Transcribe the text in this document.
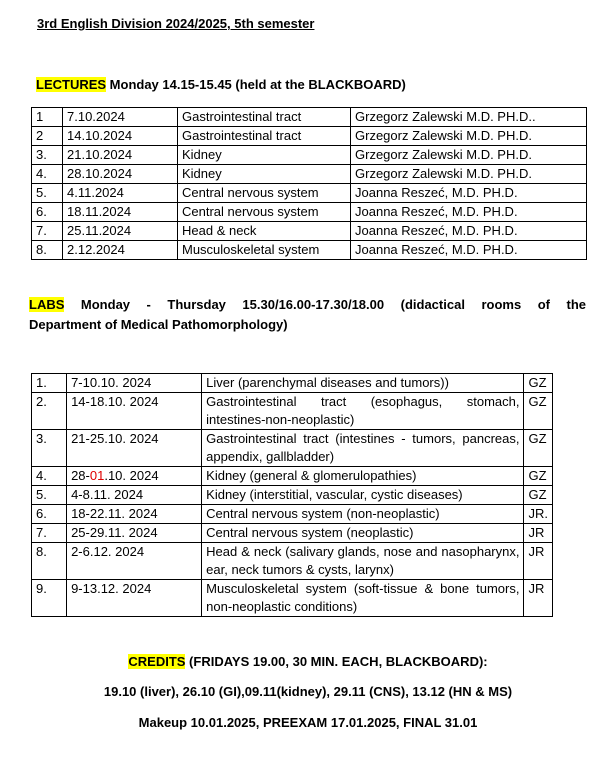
3rd English Division 2024/2025, 5th semester
LECTURES Monday 14.15-15.45 (held at the BLACKBOARD)
1	7.10.2024	Gastrointestinal tract	Grzegorz Zalewski M.D. PH.D..
2	14.10.2024	Gastrointestinal tract	Grzegorz Zalewski M.D. PH.D.
3.	21.10.2024	Kidney	Grzegorz Zalewski M.D. PH.D.
4.	28.10.2024	Kidney	Grzegorz Zalewski M.D. PH.D.
5.	4.11.2024	Central nervous system	Joanna Reszeć, M.D. PH.D.
6.	18.11.2024	Central nervous system	Joanna Reszeć, M.D. PH.D.
7.	25.11.2024	Head & neck	Joanna Reszeć, M.D. PH.D.
8.	2.12.2024	Musculoskeletal system	Joanna Reszeć, M.D. PH.D.
LABS Monday - Thursday 15.30/16.00-17.30/18.00 (didactical rooms of the
Department of Medical Pathomorphology)
1.	7-10.10. 2024	Liver (parenchymal diseases and tumors))	GZ
2.	14-18.10. 2024	Gastrointestinal tract (esophagus, stomach,
intestines-non-neoplastic)	GZ
3.	21-25.10. 2024	Gastrointestinal tract (intestines - tumors, pancreas,
appendix, gallbladder)	GZ
4.	28-01.10. 2024	Kidney (general & glomerulopathies)	GZ
5.	4-8.11. 2024	Kidney (interstitial, vascular, cystic diseases)	GZ
6.	18-22.11. 2024	Central nervous system (non-neoplastic)	JR.
7.	25-29.11. 2024	Central nervous system (neoplastic)	JR
8.	2-6.12. 2024	Head & neck (salivary glands, nose and nasopharynx,
ear, neck tumors & cysts, larynx)	JR
9.	9-13.12. 2024	Musculoskeletal system (soft-tissue & bone tumors,
non-neoplastic conditions)	JR
CREDITS (FRIDAYS 19.00, 30 MIN. EACH, BLACKBOARD):
19.10 (liver), 26.10 (GI),09.11(kidney), 29.11 (CNS), 13.12 (HN & MS)
Makeup 10.01.2025, PREEXAM 17.01.2025, FINAL 31.01
